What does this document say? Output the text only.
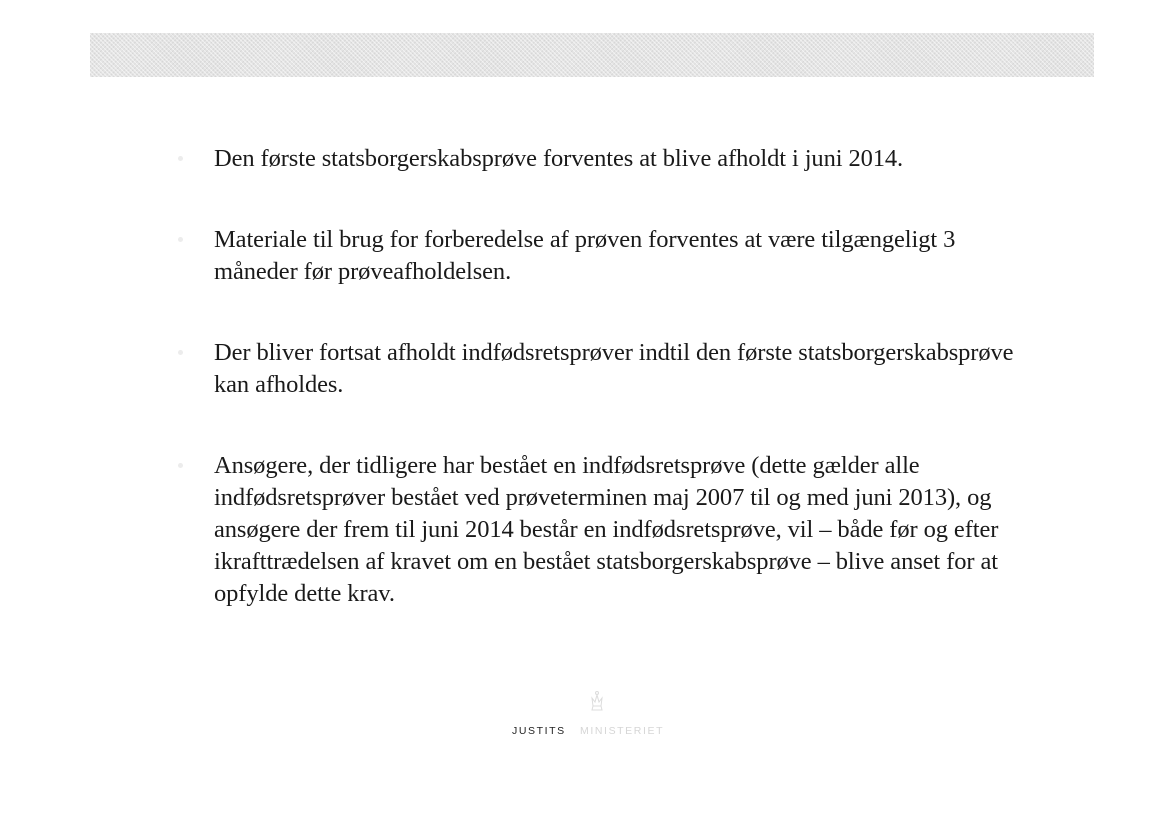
Den første statsborgerskabsprøve forventes at blive afholdt i juni 2014.
Materiale til brug for forberedelse af prøven forventes at være tilgængeligt 3 måneder før prøveafholdelsen.
Der bliver fortsat afholdt indfødsretsprøver indtil den første statsborgerskabsprøve kan afholdes.
Ansøgere, der tidligere har bestået en indfødsretsprøve (dette gælder alle indfødsretsprøver bestået ved prøveterminen maj 2007 til og med juni 2013), og ansøgere der frem til juni 2014 består en indfødsretsprøve, vil – både før og efter ikrafttrædelsen af kravet om en bestået statsborgerskabsprøve – blive anset for at opfylde dette krav.
JUSTITS MINISTERIET
